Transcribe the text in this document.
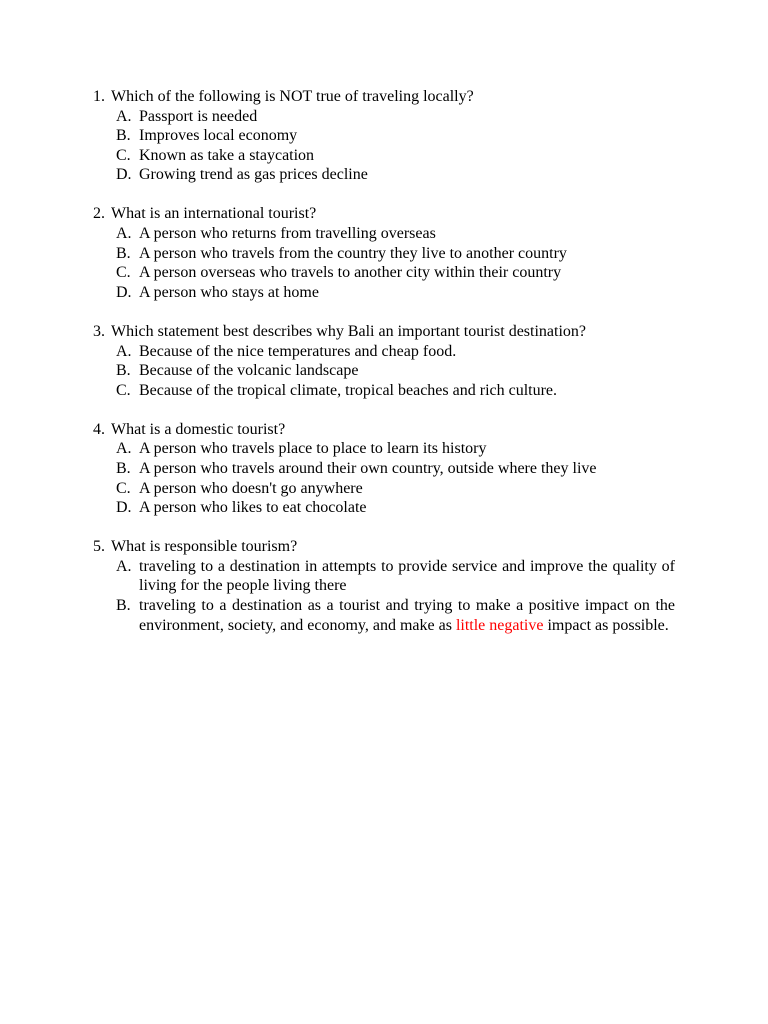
1. Which of the following is NOT true of traveling locally?
A. Passport is needed
B. Improves local economy
C. Known as take a staycation
D. Growing trend as gas prices decline
2. What is an international tourist?
A. A person who returns from travelling overseas
B. A person who travels from the country they live to another country
C. A person overseas who travels to another city within their country
D. A person who stays at home
3. Which statement best describes why Bali an important tourist destination?
A. Because of the nice temperatures and cheap food.
B. Because of the volcanic landscape
C. Because of the tropical climate, tropical beaches and rich culture.
4. What is a domestic tourist?
A. A person who travels place to place to learn its history
B. A person who travels around their own country, outside where they live
C. A person who doesn't go anywhere
D. A person who likes to eat chocolate
5. What is responsible tourism?
A. traveling to a destination in attempts to provide service and improve the quality of living for the people living there
B. traveling to a destination as a tourist and trying to make a positive impact on the environment, society, and economy, and make as little negative impact as possible.
